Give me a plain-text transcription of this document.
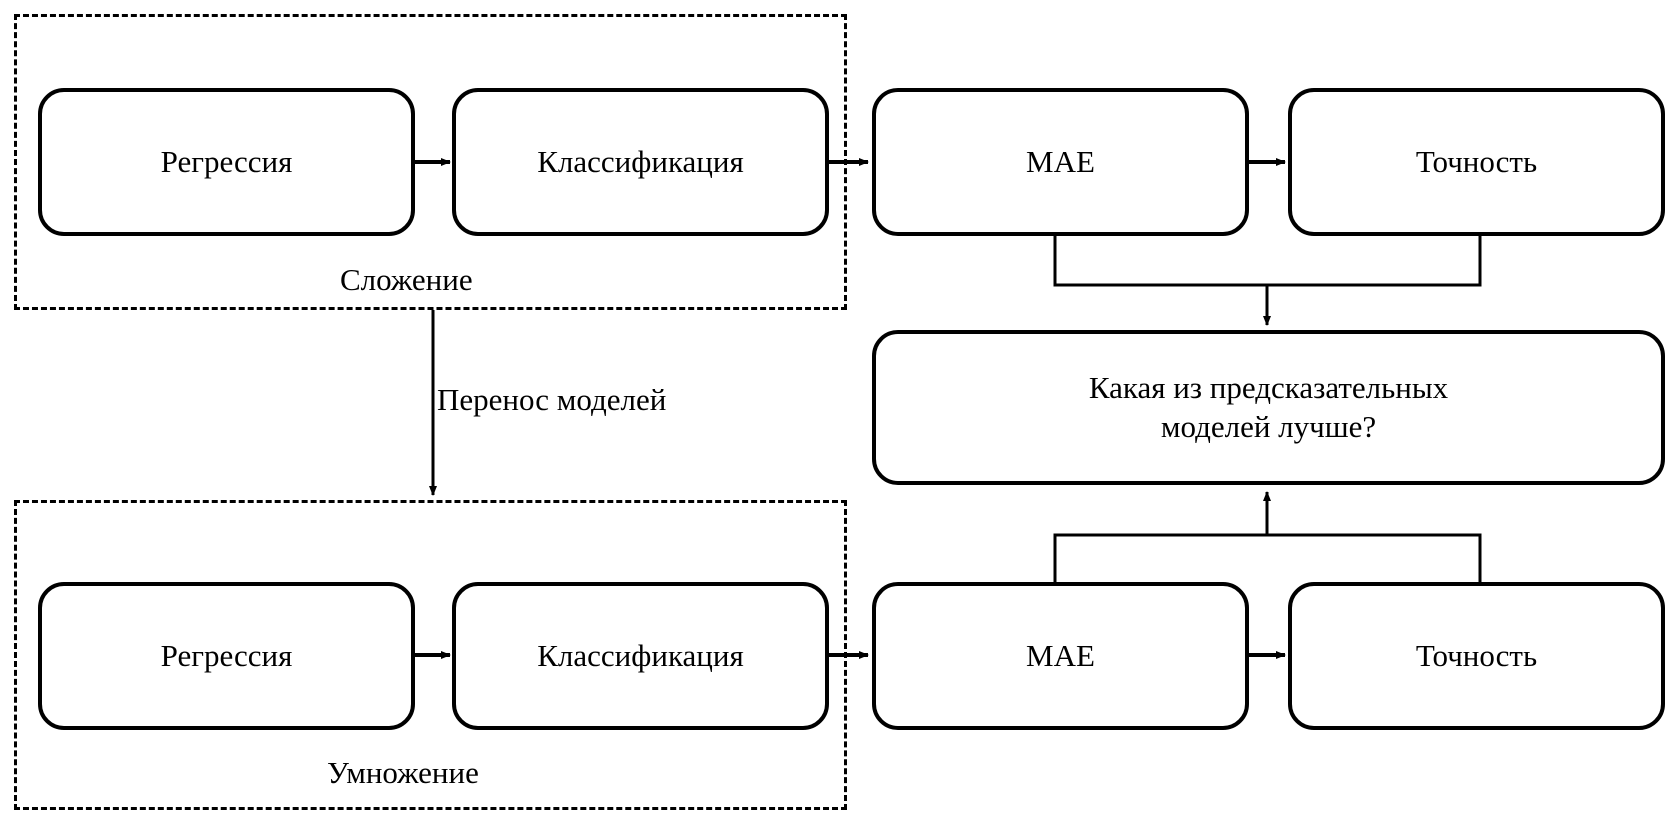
Сложение
Умножение
Перенос моделей
Регрессия	Классификация	MAE	Точность
Регрессия	Классификация	MAE	Точность
Какая из предсказательных
моделей лучше?
